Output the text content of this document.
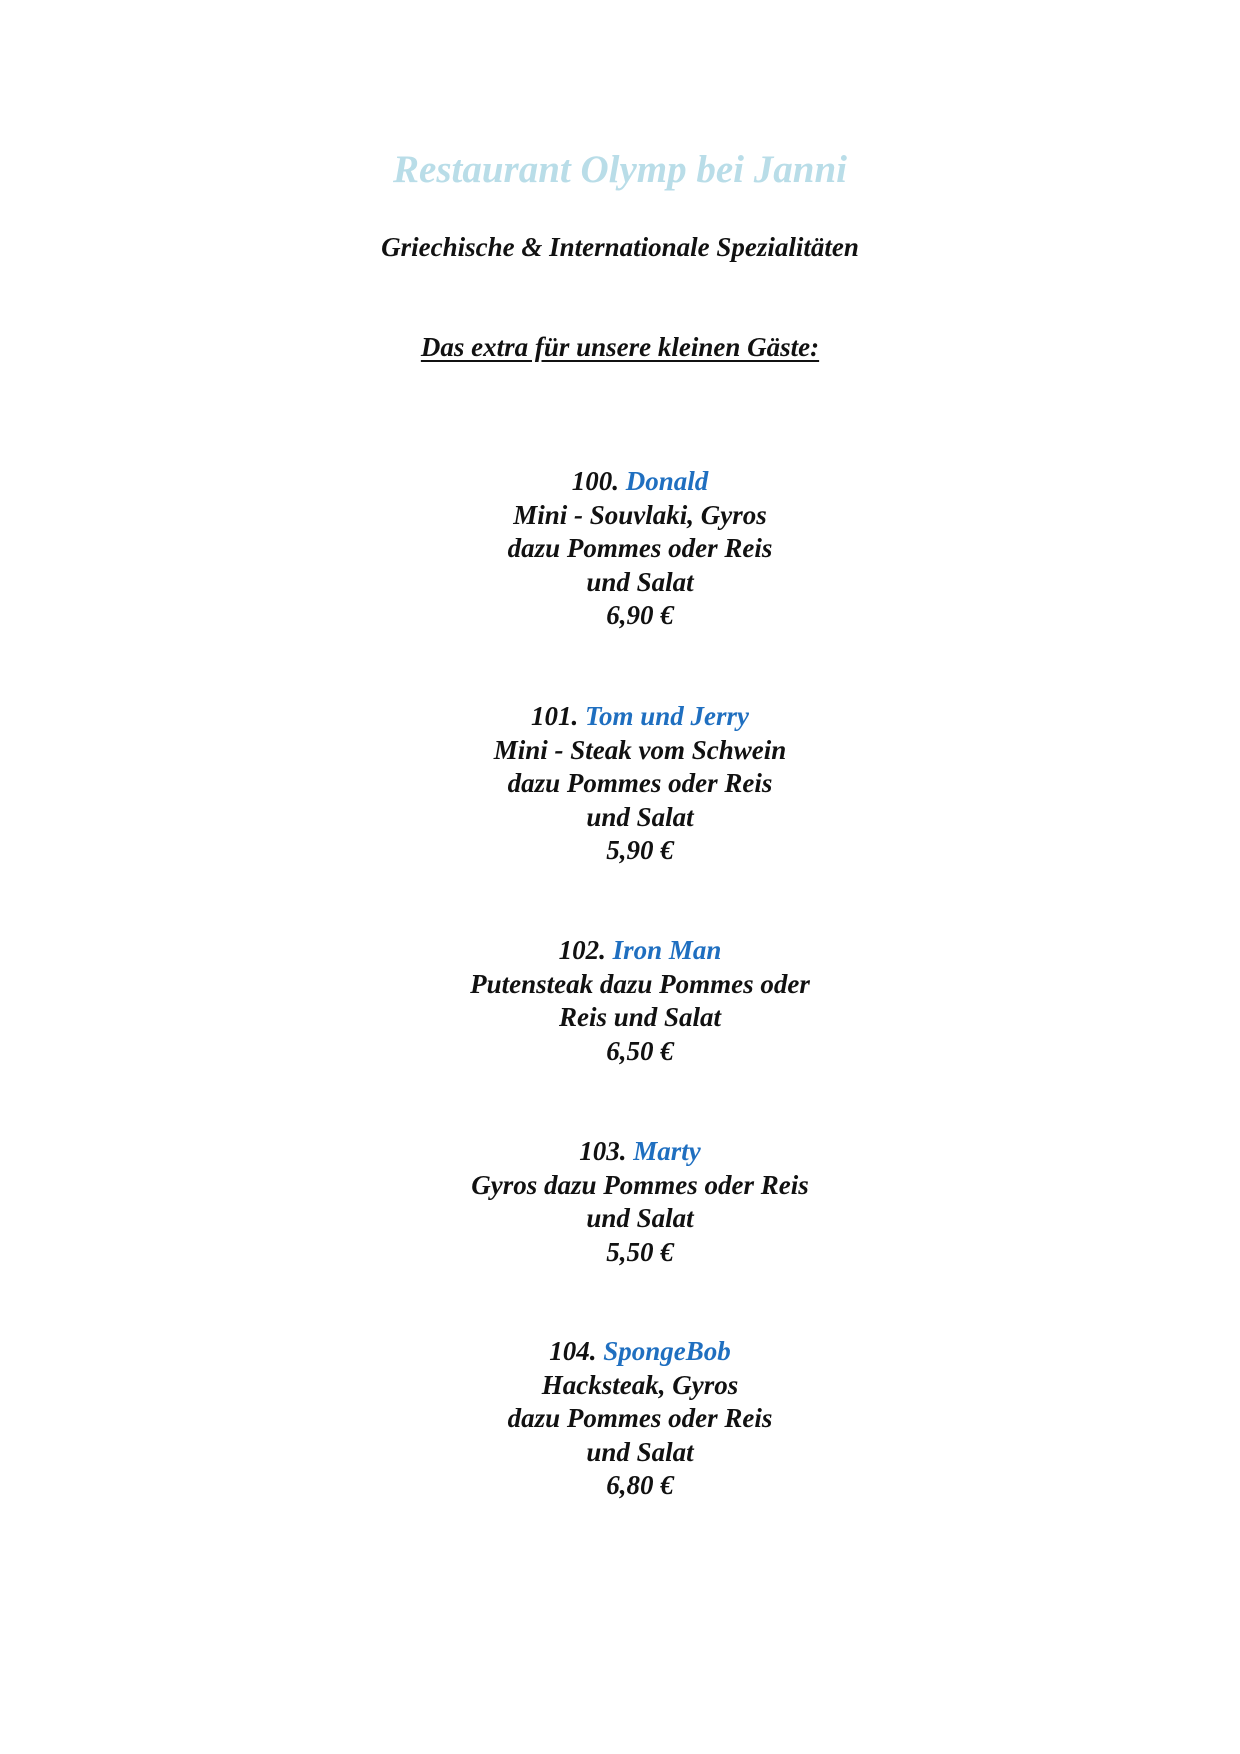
Restaurant Olymp bei Janni
Griechische & Internationale Spezialitäten
Das extra für unsere kleinen Gäste:
100. Donald
Mini - Souvlaki, Gyros
dazu Pommes oder Reis
und Salat
6,90 €
101. Tom und Jerry
Mini - Steak vom Schwein
dazu Pommes oder Reis
und Salat
5,90 €
102. Iron Man
Putensteak dazu Pommes oder
Reis und Salat
6,50 €
103. Marty
Gyros dazu Pommes oder Reis
und Salat
5,50 €
104. SpongeBob
Hacksteak, Gyros
dazu Pommes oder Reis
und Salat
6,80 €
